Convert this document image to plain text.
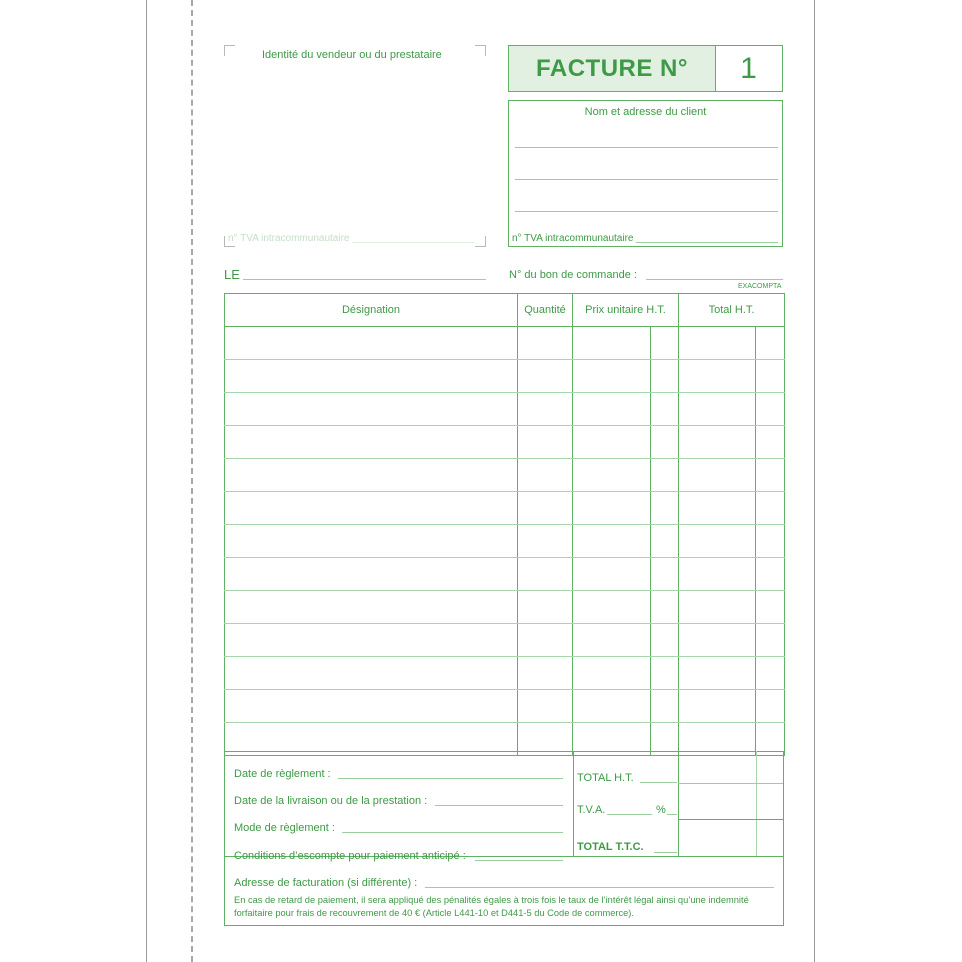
Identité du vendeur ou du prestataire
n° TVA intracommunautaire
FACTURE N°	1
Nom et adresse du client
n° TVA intracommunautaire
LE	N° du bon de commande :
EXACOMPTA
Désignation	Quantité	Prix unitaire H.T.		Total H.T.	

Date de règlement :
Date de la livraison ou de la prestation :
Mode de règlement :
Conditions d’escompte pour paiement anticipé :
TOTAL H.T.
T.V.A.	%
TOTAL T.T.C.
Adresse de facturation (si différente) :
En cas de retard de paiement, il sera appliqué des pénalités égales à trois fois le taux de l’intérêt légal ainsi qu’une indemnité
forfaitaire pour frais de recouvrement de 40 € (Article L441-10 et D441-5 du Code de commerce).
